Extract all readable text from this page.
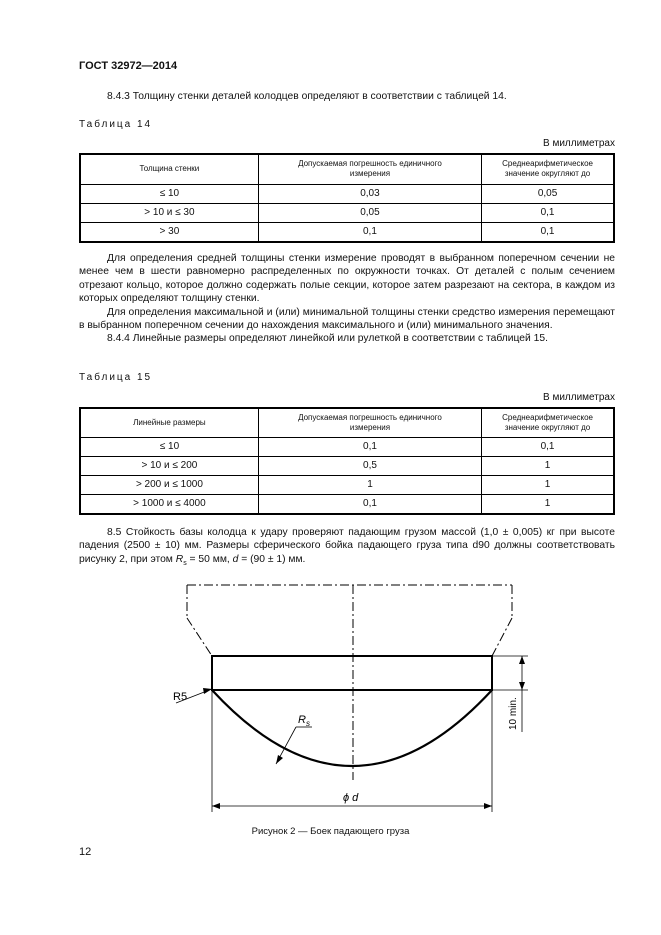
ГОСТ 32972—2014

8.4.3 Толщину стенки деталей колодцев определяют в соответствии с таблицей 14.

Таблица 14
В миллиметрах
Толщина стенки	Допускаемая погрешность единичного измерения	Среднеарифметическое значение округляют до
≤ 10	0,03	0,05
> 10 и ≤ 30	0,05	0,1
> 30	0,1	0,1

Для определения средней толщины стенки измерение проводят в выбранном поперечном сечении не менее чем в шести равномерно распределенных по окружности точках. От деталей с полым сечением отрезают кольцо, которое должно содержать полые секции, которое затем разрезают на сектора, в каждом из которых определяют толщину стенки.

Для определения максимальной и (или) минимальной толщины стенки средство измерения перемещают в выбранном поперечном сечении до нахождения максимального и (или) минимального значения.

8.4.4 Линейные размеры определяют линейкой или рулеткой в соответствии с таблицей 15.

Таблица 15
В миллиметрах
Линейные размеры	Допускаемая погрешность единичного измерения	Среднеарифметическое значение округляют до
≤ 10	0,1	0,1
> 10 и ≤ 200	0,5	1
> 200 и ≤ 1000	1	1
> 1000 и ≤ 4000	0,1	1

8.5 Стойкость базы колодца к удару проверяют падающим грузом массой (1,0 ± 0,005) кг при высоте падения (2500 ± 10) мм. Размеры сферического бойка падающего груза типа d90 должны соответствовать рисунку 2, при этом $R_s = 50$ мм, d = (90 ± 1) мм.

R5
$R_s$
ϕ d
10 min.
Рисунок 2 — Боек падающего груза
12
